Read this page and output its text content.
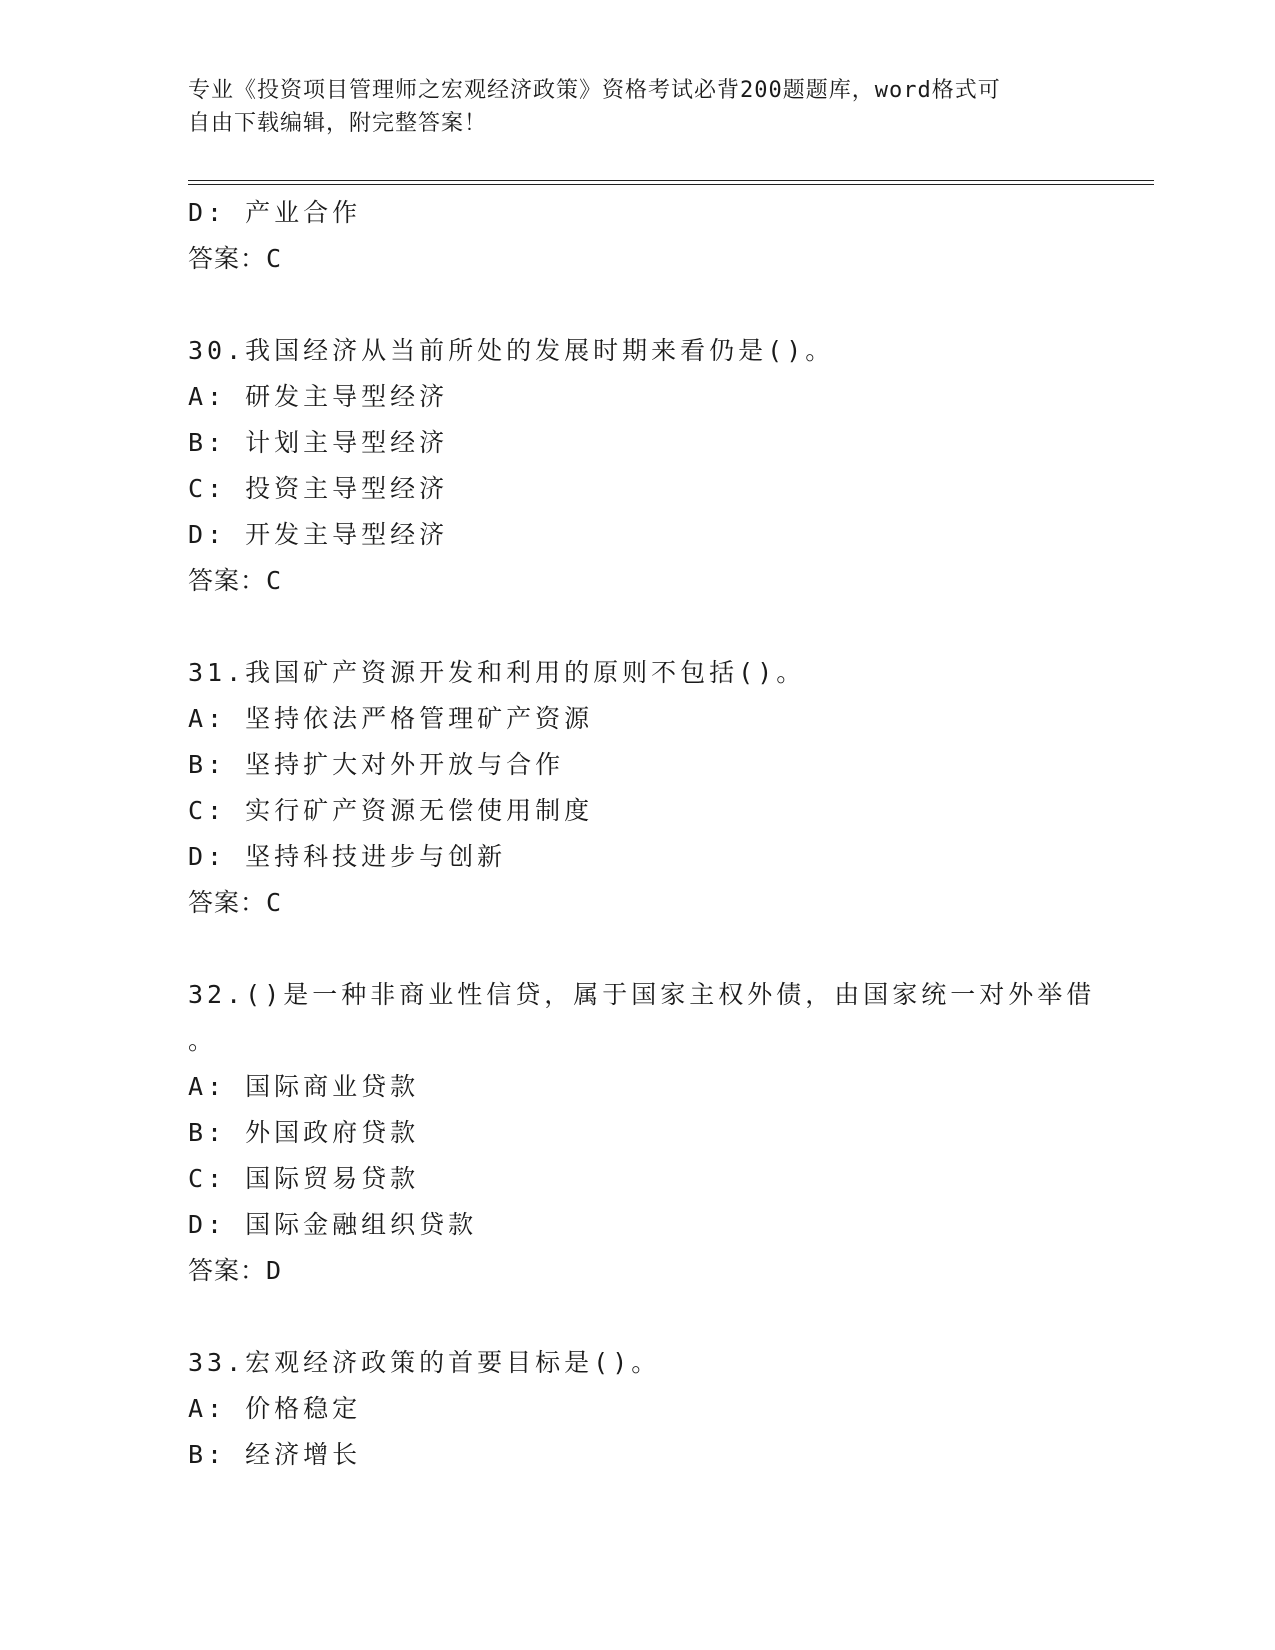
专业《投资项目管理师之宏观经济政策》资格考试必背200题题库，word格式可
自由下载编辑，附完整答案！
D: 产业合作
答案：C
30.我国经济从当前所处的发展时期来看仍是()。
A: 研发主导型经济
B: 计划主导型经济
C: 投资主导型经济
D: 开发主导型经济
答案：C
31.我国矿产资源开发和利用的原则不包括()。
A: 坚持依法严格管理矿产资源
B: 坚持扩大对外开放与合作
C: 实行矿产资源无偿使用制度
D: 坚持科技进步与创新
答案：C
32.()是一种非商业性信贷，属于国家主权外债，由国家统一对外举借
。
A: 国际商业贷款
B: 外国政府贷款
C: 国际贸易贷款
D: 国际金融组织贷款
答案：D
33.宏观经济政策的首要目标是()。
A: 价格稳定
B: 经济增长
